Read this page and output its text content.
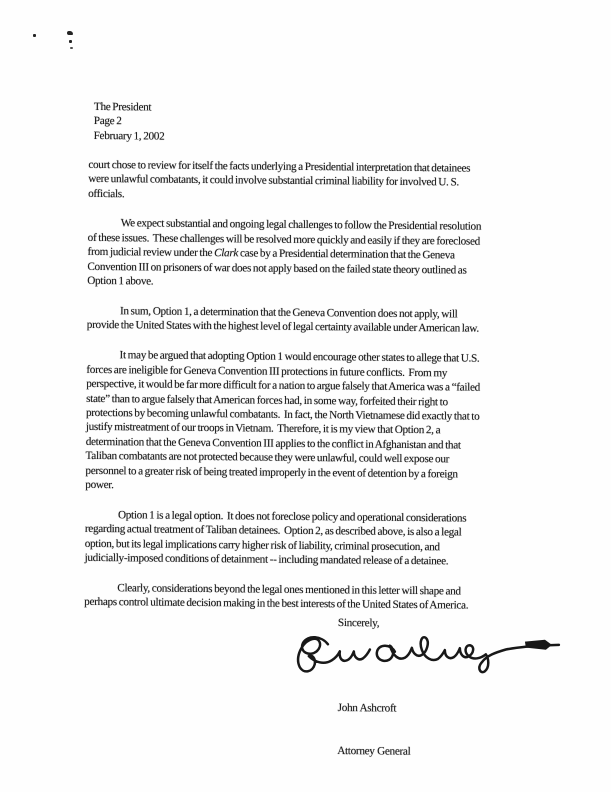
The President
Page 2
February 1, 2002
court chose to review for itself the facts underlying a Presidential interpretation that detainees
were unlawful combatants, it could involve substantial criminal liability for involved U. S.
officials.
We expect substantial and ongoing legal challenges to follow the Presidential resolution
of these issues.  These challenges will be resolved more quickly and easily if they are foreclosed
from judicial review under the Clark case by a Presidential determination that the Geneva
Convention III on prisoners of war does not apply based on the failed state theory outlined as
Option 1 above.
In sum, Option 1, a determination that the Geneva Convention does not apply, will
provide the United States with the highest level of legal certainty available under American law.
It may be argued that adopting Option 1 would encourage other states to allege that U.S.
forces are ineligible for Geneva Convention III protections in future conflicts.  From my
perspective, it would be far more difficult for a nation to argue falsely that America was a “failed
state” than to argue falsely that American forces had, in some way, forfeited their right to
protections by becoming unlawful combatants.  In fact, the North Vietnamese did exactly that to
justify mistreatment of our troops in Vietnam.  Therefore, it is my view that Option 2, a
determination that the Geneva Convention III applies to the conflict in Afghanistan and that
Taliban combatants are not protected because they were unlawful, could well expose our
personnel to a greater risk of being treated improperly in the event of detention by a foreign
power.
Option 1 is a legal option.  It does not foreclose policy and operational considerations
regarding actual treatment of Taliban detainees.  Option 2, as described above, is also a legal
option, but its legal implications carry higher risk of liability, criminal prosecution, and
judicially-imposed conditions of detainment -- including mandated release of a detainee.
Clearly, considerations beyond the legal ones mentioned in this letter will shape and
perhaps control ultimate decision making in the best interests of the United States of America.
Sincerely,

John Ashcroft

Attorney General
